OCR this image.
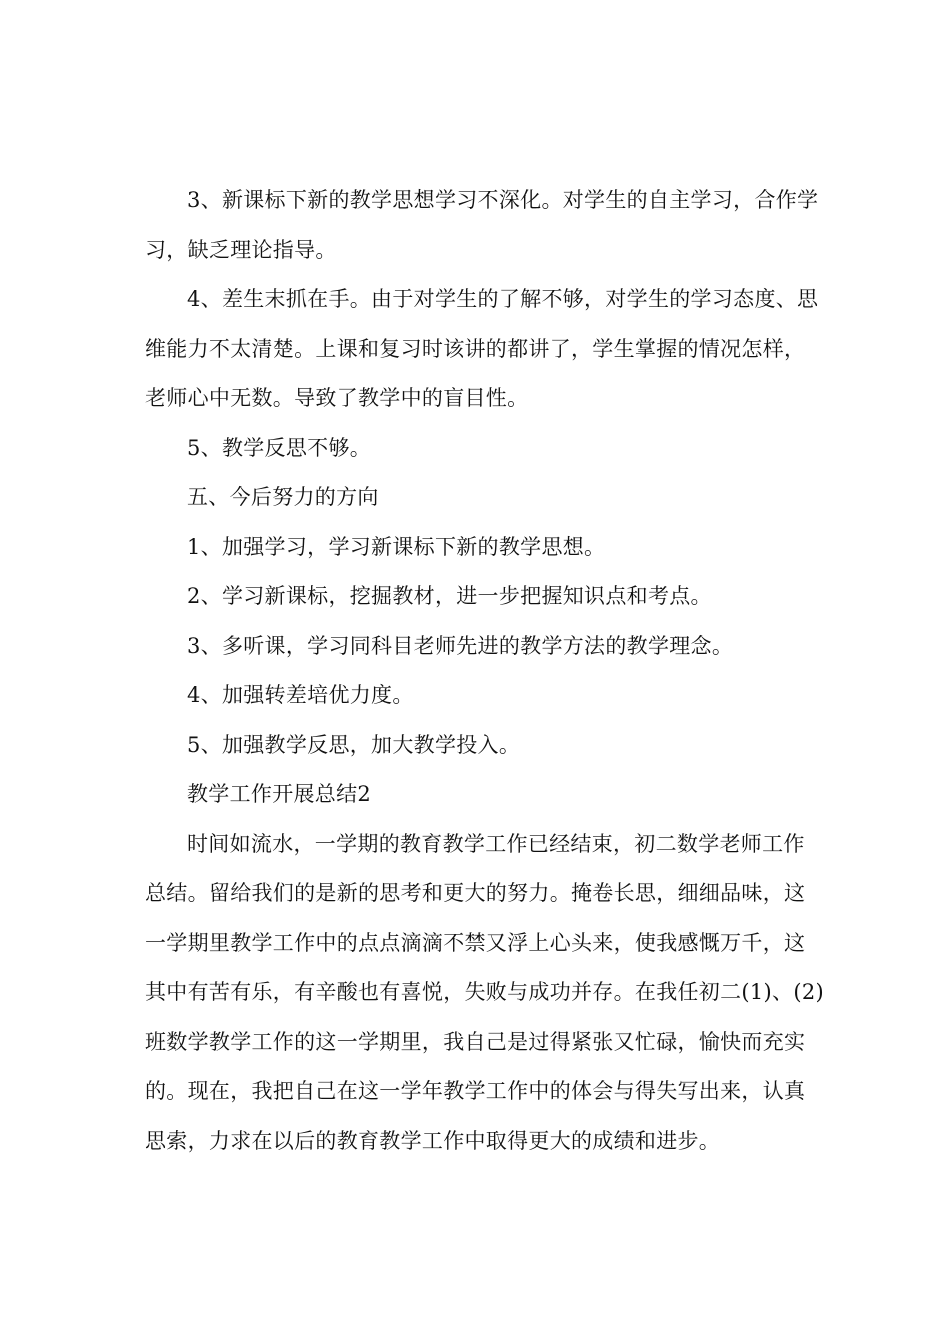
3、新课标下新的教学思想学习不深化。对学生的自主学习，合作学习，缺乏理论指导。

4、差生末抓在手。由于对学生的了解不够，对学生的学习态度、思维能力不太清楚。上课和复习时该讲的都讲了，学生掌握的情况怎样，老师心中无数。导致了教学中的盲目性。

5、教学反思不够。

五、今后努力的方向

1、加强学习，学习新课标下新的教学思想。

2、学习新课标，挖掘教材，进一步把握知识点和考点。

3、多听课，学习同科目老师先进的教学方法的教学理念。

4、加强转差培优力度。

5、加强教学反思，加大教学投入。

教学工作开展总结2

时间如流水，一学期的教育教学工作已经结束，初二数学老师工作总结。留给我们的是新的思考和更大的努力。掩卷长思，细细品味，这一学期里教学工作中的点点滴滴不禁又浮上心头来，使我感慨万千，这其中有苦有乐，有辛酸也有喜悦，失败与成功并存。在我任初二(1)、(2)班数学教学工作的这一学期里，我自己是过得紧张又忙碌，愉快而充实的。现在，我把自己在这一学年教学工作中的体会与得失写出来，认真思索，力求在以后的教育教学工作中取得更大的成绩和进步。
